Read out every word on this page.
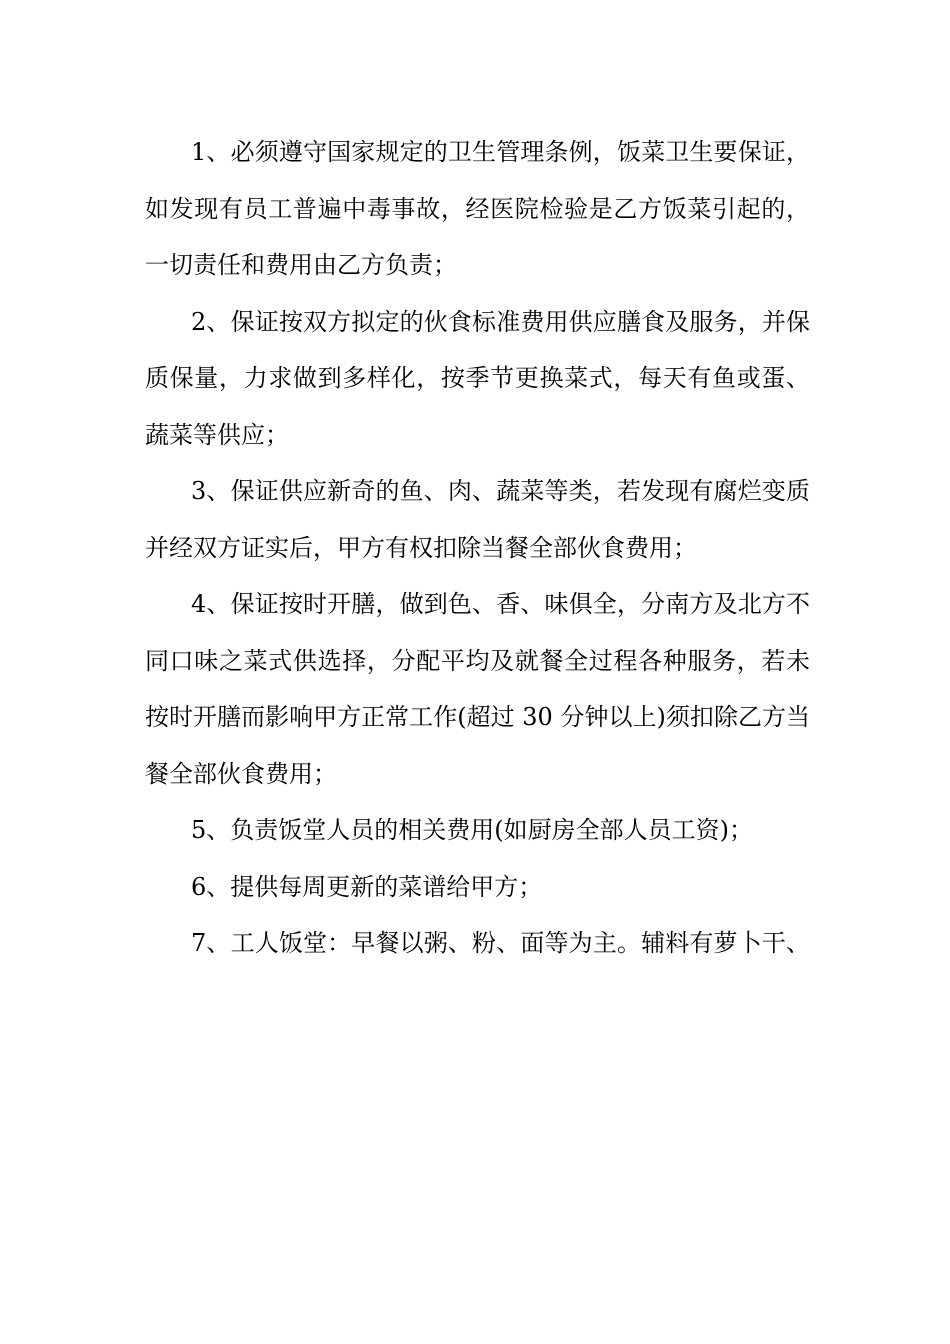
1、必须遵守国家规定的卫生管理条例，饭菜卫生要保证，
如发现有员工普遍中毒事故，经医院检验是乙方饭菜引起的，
一切责任和费用由乙方负责；
2、保证按双方拟定的伙食标准费用供应膳食及服务，并保
质保量，力求做到多样化，按季节更换菜式，每天有鱼或蛋、
蔬菜等供应；
3、保证供应新奇的鱼、肉、蔬菜等类，若发现有腐烂变质
并经双方证实后，甲方有权扣除当餐全部伙食费用；
4、保证按时开膳，做到色、香、味俱全，分南方及北方不
同口味之菜式供选择，分配平均及就餐全过程各种服务，若未
按时开膳而影响甲方正常工作(超过 30 分钟以上)须扣除乙方当
餐全部伙食费用；
5、负责饭堂人员的相关费用(如厨房全部人员工资)；
6、提供每周更新的菜谱给甲方；
7、工人饭堂：早餐以粥、粉、面等为主。辅料有萝卜干、
